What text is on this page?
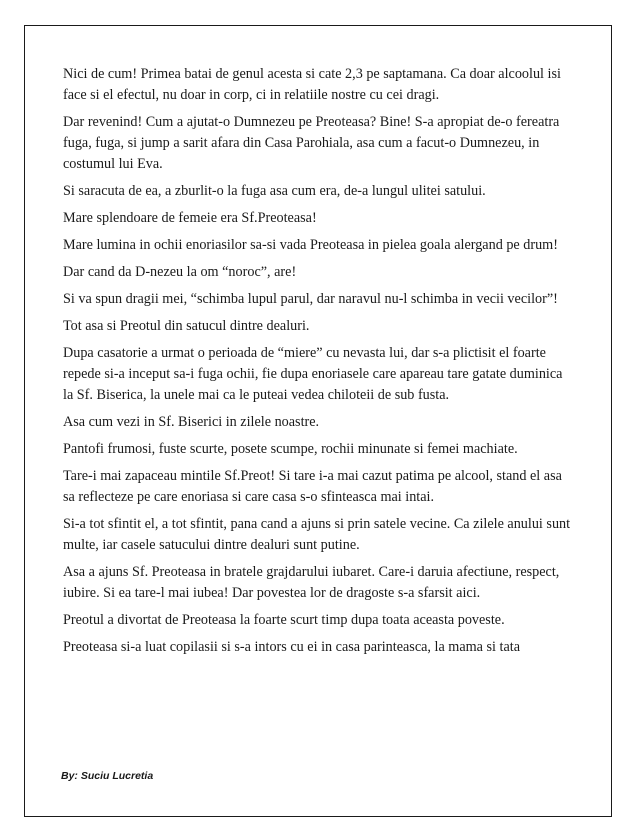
Nici de cum! Primea batai de genul acesta si cate 2,3 pe saptamana. Ca doar alcoolul isi face si el efectul, nu doar in corp, ci in relatiile nostre cu cei dragi.

Dar revenind! Cum a ajutat-o Dumnezeu pe Preoteasa? Bine! S-a apropiat de-o fereatra fuga, fuga, si jump a sarit afara din Casa Parohiala, asa cum a facut-o Dumnezeu, in costumul lui Eva.

Si saracuta de ea, a zburlit-o la fuga asa cum era, de-a lungul ulitei satului.

Mare splendoare de femeie era Sf.Preoteasa!

Mare lumina in ochii enoriasilor sa-si vada Preoteasa in pielea goala alergand pe drum!

Dar cand da D-nezeu la om “noroc”, are!

Si va spun dragii mei, “schimba lupul parul, dar naravul nu-l schimba in vecii vecilor”!

Tot asa si Preotul din satucul dintre dealuri.

Dupa casatorie a urmat o perioada de “miere” cu nevasta lui, dar s-a plictisit el foarte repede si-a inceput sa-i fuga ochii, fie dupa enoriasele care apareau tare gatate duminica la Sf. Biserica, la unele mai ca le puteai vedea chiloteii de sub fusta.

Asa cum vezi in Sf. Biserici in zilele noastre.

Pantofi frumosi, fuste scurte, posete scumpe, rochii minunate si femei machiate.

Tare-i mai zapaceau mintile Sf.Preot! Si tare i-a mai cazut patima pe alcool, stand el asa sa reflecteze pe care enoriasa si care casa s-o sfinteasca mai intai.

Si-a tot sfintit el, a tot sfintit, pana cand a ajuns si prin satele vecine. Ca zilele anului sunt multe, iar casele satucului dintre dealuri sunt putine.

Asa a ajuns Sf. Preoteasa in bratele grajdarului iubaret. Care-i daruia afectiune, respect, iubire. Si ea tare-l mai iubea! Dar povestea lor de dragoste s-a sfarsit aici.

Preotul a divortat de Preoteasa la foarte scurt timp dupa toata aceasta poveste.

Preoteasa si-a luat copilasii si s-a intors cu ei in casa parinteasca, la mama si tata

By: Suciu Lucretia
